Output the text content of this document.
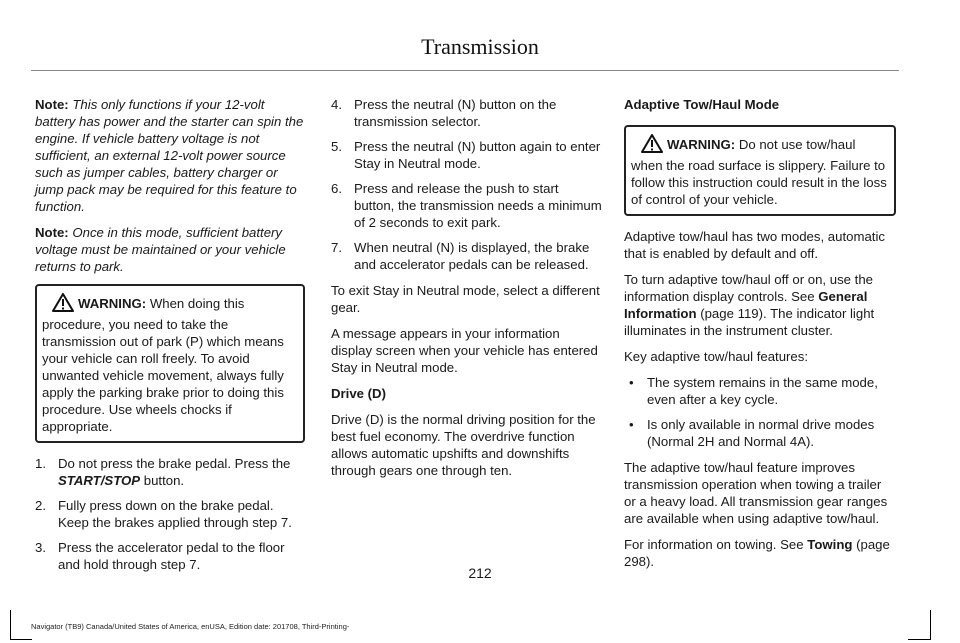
Transmission

Note: This only functions if your 12-volt battery has power and the starter can spin the engine. If vehicle battery voltage is not sufficient, an external 12-volt power source such as jumper cables, battery charger or jump pack may be required for this feature to function.

Note: Once in this mode, sufficient battery voltage must be maintained or your vehicle returns to park.

WARNING: When doing this procedure, you need to take the transmission out of park (P) which means your vehicle can roll freely. To avoid unwanted vehicle movement, always fully apply the parking brake prior to doing this procedure. Use wheels chocks if appropriate.
1. Do not press the brake pedal. Press the START/STOP button.
2. Fully press down on the brake pedal. Keep the brakes applied through step 7.
3. Press the accelerator pedal to the floor and hold through step 7.
4. Press the neutral (N) button on the transmission selector.
5. Press the neutral (N) button again to enter Stay in Neutral mode.
6. Press and release the push to start button, the transmission needs a minimum of 2 seconds to exit park.
7. When neutral (N) is displayed, the brake and accelerator pedals can be released.

To exit Stay in Neutral mode, select a different gear.

A message appears in your information display screen when your vehicle has entered Stay in Neutral mode.

Drive (D)

Drive (D) is the normal driving position for the best fuel economy. The overdrive function allows automatic upshifts and downshifts through gears one through ten.

Adaptive Tow/Haul Mode

WARNING: Do not use tow/haul when the road surface is slippery. Failure to follow this instruction could result in the loss of control of your vehicle.

Adaptive tow/haul has two modes, automatic that is enabled by default and off.

To turn adaptive tow/haul off or on, use the information display controls. See General Information (page 119). The indicator light illuminates in the instrument cluster.

Key adaptive tow/haul features:

• The system remains in the same mode, even after a key cycle.
• Is only available in normal drive modes (Normal 2H and Normal 4A).

The adaptive tow/haul feature improves transmission operation when towing a trailer or a heavy load. All transmission gear ranges are available when using adaptive tow/haul.

For information on towing. See Towing (page 298).

212
Navigator (TB9) Canada/United States of America, enUSA, Edition date: 201708, Third-Printing-
